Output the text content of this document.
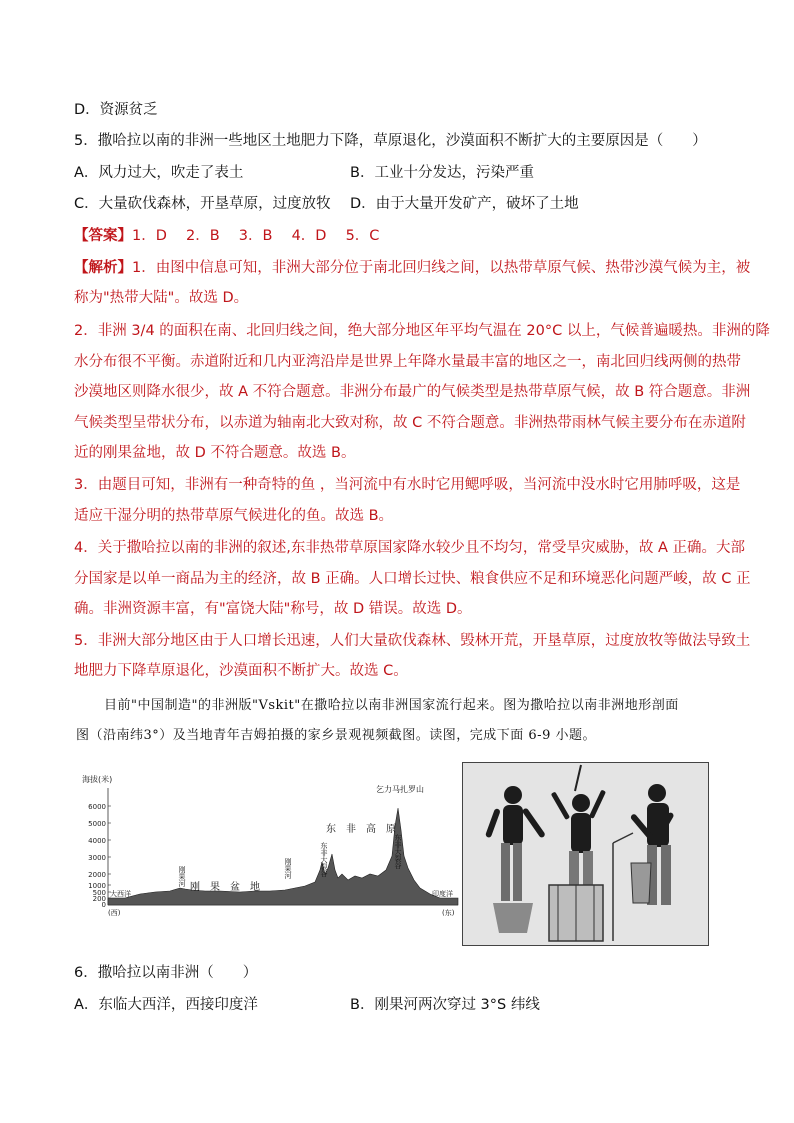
D．资源贫乏
5．撒哈拉以南的非洲一些地区土地肥力下降，草原退化，沙漠面积不断扩大的主要原因是（　　）
A．风力过大，吹走了表土	B．工业十分发达，污染严重
C．大量砍伐森林，开垦草原，过度放牧 D．由于大量开发矿产，破坏了土地
【答案】1．D　 2．B　 3．B　 4．D　 5．C
【解析】1．由图中信息可知，非洲大部分位于南北回归线之间，以热带草原气候、热带沙漠气候为主，被
称为"热带大陆"。故选 D。
2．非洲 3/4 的面积在南、北回归线之间，绝大部分地区年平均气温在 20°C 以上，气候普遍暖热。非洲的降
水分布很不平衡。赤道附近和几内亚湾沿岸是世界上年降水量最丰富的地区之一，南北回归线两侧的热带
沙漠地区则降水很少，故 A 不符合题意。非洲分布最广的气候类型是热带草原气候，故 B 符合题意。非洲
气候类型呈带状分布，以赤道为轴南北大致对称，故 C 不符合题意。非洲热带雨林气候主要分布在赤道附
近的刚果盆地，故 D 不符合题意。故选 B。
3．由题目可知，非洲有一种奇特的鱼 ，当河流中有水时它用鳃呼吸，当河流中没水时它用肺呼吸，这是
适应干湿分明的热带草原气候进化的鱼。故选 B。
4．关于撒哈拉以南的非洲的叙述,东非热带草原国家降水较少且不均匀，常受旱灾威胁，故 A 正确。大部
分国家是以单一商品为主的经济，故 B 正确。人口增长过快、粮食供应不足和环境恶化问题严峻，故 C 正
确。非洲资源丰富，有"富饶大陆"称号，故 D 错误。故选 D。
5．非洲大部分地区由于人口增长迅速，人们大量砍伐森林、毁林开荒，开垦草原，过度放牧等做法导致土
地肥力下降草原退化，沙漠面积不断扩大。故选 C。
目前"中国制造"的非洲版"Vskit"在撒哈拉以南非洲国家流行起来。图为撒哈拉以南非洲地形剖面
图（沿南纬3°）及当地青年吉姆拍摄的家乡景观视频截图。读图，完成下面 6-9 小题。
海拔(米)
6000
5000
4000
3000
2000
1000
500
200
0
乞力马扎罗山
东　非　高　原
东非大裂谷	东非大裂谷
刚果河	刚果河
刚　果　盆　地
大西洋	印度洋
(西)	(东)
6．撒哈拉以南非洲（　　）
A．东临大西洋，西接印度洋	B．刚果河两次穿过 3°S 纬线
